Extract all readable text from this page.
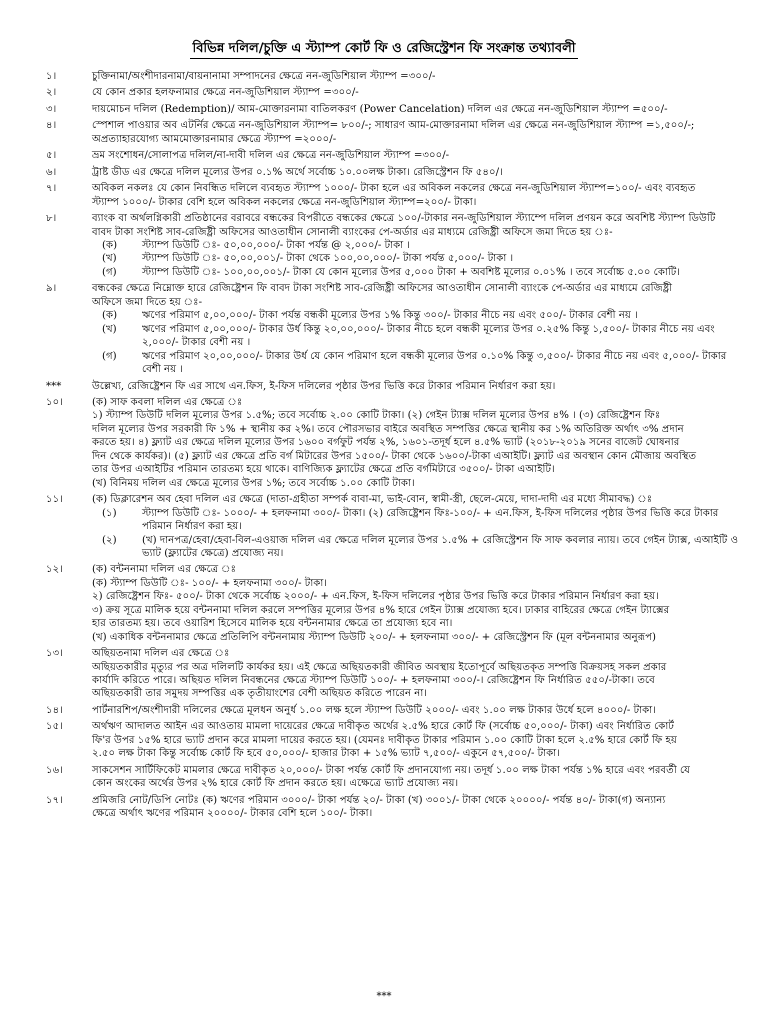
বিভিন্ন দলিল/চুক্তি এ স্ট্যাম্প কোর্ট ফি ও রেজিস্ট্রেশন ফি সংক্রান্ত তথ্যাবলী
১।	চুক্তিনামা/অংশীদারনামা/বায়নানামা সম্পাদনের ক্ষেত্রে নন-জুডিশিয়াল স্ট্যাম্প =৩০০/-
২।	যে কোন প্রকার হলফনামার ক্ষেত্রে নন-জুডিশিয়াল স্ট্যাম্প =৩০০/-
৩।	দায়মোচন দলিল (Redemption)/ আম-মোক্তারনামা বাতিলকরণ (Power Cancelation) দলিল এর ক্ষেত্রে নন-জুডিশিয়াল স্ট্যাম্প =৫০০/-
৪।	স্পেশাল পাওয়ার অব এটর্নির ক্ষেত্রে নন-জুডিশিয়াল স্ট্যাম্প= ৮০০/-; সাধারণ আম-মোক্তারনামা দলিল এর ক্ষেত্রে নন-জুডিশিয়াল স্ট্যাম্প =১,৫০০/-;
অপ্রত্যাহারযোগ্য আমমোক্তারনামার ক্ষেত্রে স্ট্যাম্প =২০০০/-
৫।	ভ্রম সংশোধন/সোলাপত্র দলিল/না-দাবী দলিল এর ক্ষেত্রে নন-জুডিশিয়াল স্ট্যাম্প =৩০০/-
৬।	ট্রাষ্ট ডীড এর ক্ষেত্রে দলিল মূল্যের উপর ০.১% অর্থে সর্বোচ্চ ১০.০০লক্ষ টাকা। রেজিস্ট্রেশন ফি ৫৪০/।
৭।	অবিকল নকলঃ যে কোন নিবন্ধিত দলিলে ব্যবহৃত স্ট্যাম্প ১০০০/- টাকা হলে এর অবিকল নকলের ক্ষেত্রে নন-জুডিশিয়াল স্ট্যাম্প=১০০/- এবং ব্যবহৃত
স্ট্যাম্প ১০০০/- টাকার বেশি হলে অবিকল নকলের ক্ষেত্রে নন-জুডিশিয়াল স্ট্যাম্প=২০০/- টাকা।
৮।	ব্যাংক বা অর্থলগ্নিকারী প্রতিষ্ঠানের বরাবরে বন্ধকের বিপরীতে বন্ধকের ক্ষেত্রে ১০০/-টাকার নন-জুডিশিয়াল স্ট্যাম্পে দলিল প্রণয়ন করে অবশিষ্ট স্ট্যাম্প ডিউটি
বাবদ টাকা সংশিষ্ট সাব-রেজিষ্ট্রী অফিসের আওতাধীন সোনালী ব্যাংকের পে-অর্ডার এর মাধ্যমে রেজিষ্ট্রী অফিসে জমা দিতে হয় ঃ-
(ক)	স্ট্যাম্প ডিউটি ঃ- ৫০,০০,০০০/- টাকা পর্যন্ত @ ২,০০০/- টাকা ।
(খ)	স্ট্যাম্প ডিউটি ঃ- ৫০,০০,০০১/- টাকা থেকে ১০০,০০,০০০/- টাকা পর্যন্ত ৫,০০০/- টাকা ।
(গ)	স্ট্যাম্প ডিউটি ঃ- ১০০,০০,০০১/- টাকা যে কোন মূল্যের উপর ৫,০০০ টাকা + অবশিষ্ট মূল্যের ০.০১% । তবে সর্বোচ্চ ৫.০০ কোটি।
৯।	বন্ধকের ক্ষেত্রে নিম্নোক্ত হারে রেজিষ্ট্রেশন ফি বাবদ টাকা সংশিষ্ট সাব-রেজিষ্ট্রী অফিসের আওতাধীন সোনালী ব্যাংকে পে-অর্ডার এর মাধ্যমে রেজিষ্ট্রী
অফিসে জমা দিতে হয় ঃ-
(ক)	ঋণের পরিমাণ ৫,০০,০০০/- টাকা পর্যন্ত বন্ধকী মূল্যের উপর ১% কিন্তু ৩০০/- টাকার নীচে নয় এবং ৫০০/- টাকার বেশী নয় ।
(খ)	ঋণের পরিমাণ ৫,০০,০০০/- টাকার উর্ধ কিন্তু ২০,০০,০০০/- টাকার নীচে হলে বন্ধকী মূল্যের উপর ০.২৫% কিন্তু ১,৫০০/- টাকার নীচে নয় এবং ২,০০০/- টাকার বেশী নয় ।
(গ)	ঋণের পরিমাণ ২০,০০,০০০/- টাকার উর্ধ যে কোন পরিমাণ হলে বন্ধকী মূল্যের উপর ০.১০% কিন্তু ৩,৫০০/- টাকার নীচে নয় এবং ৫,০০০/- টাকার বেশী নয় ।
***	উল্লেখ্য, রেজিষ্ট্রেশন ফি এর সাথে এন.ফিস, ই-ফিস দলিলের পৃষ্ঠার উপর ভিত্তি করে টাকার পরিমান নির্ধারণ করা হয়।
১০।	(ক) সাফ কবলা দলিল এর ক্ষেত্রে ঃ
১) স্ট্যাম্প ডিউটি দলিল মূল্যের উপর ১.৫%; তবে সর্বোচ্চ ২.০০ কোটি টাকা। (২) গেইন ট্যাক্স দলিল মূল্যের উপর ৪% । (৩) রেজিষ্ট্রেশন ফিঃ
দলিল মূল্যের উপর সরকারী ফি ১% + স্থানীয় কর ২%। তবে পৌরসভার বাইরে অবস্থিত সম্পত্তির ক্ষেত্রে স্থানীয় কর ১% অতিরিক্ত অর্থাৎ ৩% প্রদান
করতে হয়। ৪) ফ্ল্যাট এর ক্ষেত্রে দলিল মূল্যের উপর ১৬০০ বর্গফুট পর্যন্ত ২%, ১৬০১-তদূর্ধ হলে ৪.৫% ভ্যাট (২০১৮-২০১৯ সনের বাজেট ঘোষনার
দিন থেকে কার্যকর)। (৫) ফ্ল্যাট এর ক্ষেত্রে প্রতি বর্গ মিটারের উপর ১৫০০/- টাকা থেকে ১৬০০/-টাকা এআইটি। ফ্ল্যাট এর অবস্থান কোন মৌজায় অবস্থিত
তার উপর এআইটির পরিমান তারতম্য হয়ে থাকে। বাণিজ্যিক ফ্ল্যাটের ক্ষেত্রে প্রতি বর্গমিটারে ৩৫০০/- টাকা এআইটি।
(খ) বিনিময় দলিল এর ক্ষেত্রে মূল্যের উপর ১%; তবে সর্বোচ্চ ১.০০ কোটি টাকা।
১১।	(ক) ডিক্লারেশন অব হেবা দলিল এর ক্ষেত্রে (দাতা-গ্রহীতা সম্পর্ক বাবা-মা, ভাই-বোন, স্বামী-স্ত্রী, ছেলে-মেয়ে, দাদা-দাদী এর মধ্যে সীমাবদ্ধ) ঃ
(১)	স্ট্যাম্প ডিউটি ঃ- ১০০০/- + হলফনামা ৩০০/- টাকা। (২) রেজিষ্ট্রেশন ফিঃ-১০০/- + এন.ফিস, ই-ফিস দলিলের পৃষ্ঠার উপর ভিত্তি করে টাকার পরিমান নির্ধারণ করা হয়।
(২)	(খ) দানপত্র/হেবা/হেবা-বিল-এওয়াজ দলিল এর ক্ষেত্রে দলিল মূল্যের উপর ১.৫% + রেজিস্ট্রেশন ফি সাফ কবলার ন্যায়। তবে গেইন ট্যাক্স, এআইটি ও ভ্যাট (ফ্ল্যাটের ক্ষেত্রে) প্রযোজ্য নয়।
১২।	(ক) বন্টননামা দলিল এর ক্ষেত্রে ঃ
(ক) স্ট্যাম্প ডিউটি ঃ- ১০০/- + হলফনামা ৩০০/- টাকা।
২) রেজিষ্ট্রেশন ফিঃ- ৫০০/- টাকা থেকে সর্বোচ্চ ২০০০/- + এন.ফিস, ই-ফিস দলিলের পৃষ্ঠার উপর ভিত্তি করে টাকার পরিমান নির্ধারণ করা হয়।
৩) ক্রয় সূত্রে মালিক হয়ে বন্টননামা দলিল করলে সম্পত্তির মূল্যের উপর ৪% হারে গেইন ট্যাক্স প্রযোজ্য হবে। ঢাকার বাহিরের ক্ষেত্রে গেইন ট্যাক্সের
হার তারতম্য হয়। তবে ওয়ারিশ হিসেবে মালিক হয়ে বন্টননামার ক্ষেত্রে তা প্রযোজ্য হবে না।
(খ) একাধিক বন্টননামার ক্ষেত্রে প্রতিলিপি বন্টননামায় স্ট্যাম্প ডিউটি ২০০/- + হলফনামা ৩০০/- + রেজিস্ট্রেশন ফি (মূল বন্টননামার অনুরূপ)
১৩।	অছিয়তনামা দলিল এর ক্ষেত্রে ঃ
অছিয়তকারীর মৃত্যুর পর অত্র দলিলটি কার্যকর হয়। এই ক্ষেত্রে অছিয়তকারী জীবিত অবস্থায় ইতোপূর্বে অছিয়তকৃত সম্পত্তি বিক্রয়সহ সকল প্রকার
কার্যাদি করিতে পারে। অছিয়ত দলিল নিবন্ধনের ক্ষেত্রে স্ট্যাম্প ডিউটি ১০০/- + হলফনামা ৩০০/-। রেজিষ্ট্রেশন ফি নির্ধারিত ৫৫০/-টাকা। তবে
অছিয়তকারী তার সমুদয় সম্পত্তির এক তৃতীয়াংশের বেশী অছিয়ত করিতে পারেন না।
১৪।	পার্টনারশিপ/অংশীদারী দলিলের ক্ষেত্রে মূলধন অনুর্ধ ১.০০ লক্ষ হলে স্ট্যাম্প ডিউটি ২০০০/- এবং ১.০০ লক্ষ টাকার উর্ধে হলে ৪০০০/- টাকা।
১৫।	অর্থঋণ আদালত আইন এর আওতায় মামলা দায়েরের ক্ষেত্রে দাবীকৃত অর্থের ২.৫% হারে কোর্ট ফি (সর্বোচ্চ ৫০,০০০/- টাকা) এবং নির্ধারিত কোর্ট
ফি'র উপর ১৫% হারে ভ্যাট প্রদান করে মামলা দায়ের করতে হয়। (যেমনঃ দাবীকৃত টাকার পরিমান ১.০০ কোটি টাকা হলে ২.৫% হারে কোর্ট ফি হয়
২.৫০ লক্ষ টাকা কিন্তু সর্বোচ্চ কোর্ট ফি হবে ৫০,০০০/- হাজার টাকা + ১৫% ভ্যাট ৭,৫০০/- একুনে ৫৭,৫০০/- টাকা।
১৬।	সাকসেশন সার্টিফিকেট মামলার ক্ষেত্রে দাবীকৃত ২০,০০০/- টাকা পর্যন্ত কোর্ট ফি প্রদানযোগ্য নয়। তদূর্ধ ১.০০ লক্ষ টাকা পর্যন্ত ১% হারে এবং পরবর্তী যে
কোন অংকের অর্থের উপর ২% হারে কোর্ট ফি প্রদান করতে হয়। এক্ষেত্রে ভ্যাট প্রযোজ্য নয়।
১৭।	প্রমিজরি নোট/ডিপি নোটঃ (ক) ঋণের পরিমান ৩০০০/- টাকা পর্যন্ত ২০/- টাকা (খ) ৩০০১/- টাকা থেকে ২০০০০/- পর্যন্ত ৪০/- টাকা(গ) অন্যান্য
ক্ষেত্রে অর্থাৎ ঋণের পরিমান ২০০০০/- টাকার বেশি হলে ১০০/- টাকা।
***
